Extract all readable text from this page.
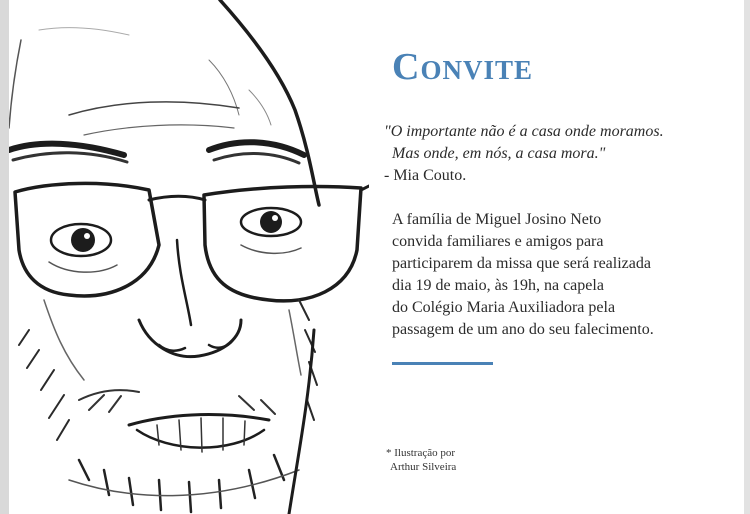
Convite
"O importante não é a casa onde moramos.
Mas onde, em nós, a casa mora."
- Mia Couto.
A família de Miguel Josino Neto
convida familiares e amigos para
participarem da missa que será realizada
dia 19 de maio, às 19h, na capela
do Colégio Maria Auxiliadora pela
passagem de um ano do seu falecimento.
* Ilustração por
Arthur Silveira
